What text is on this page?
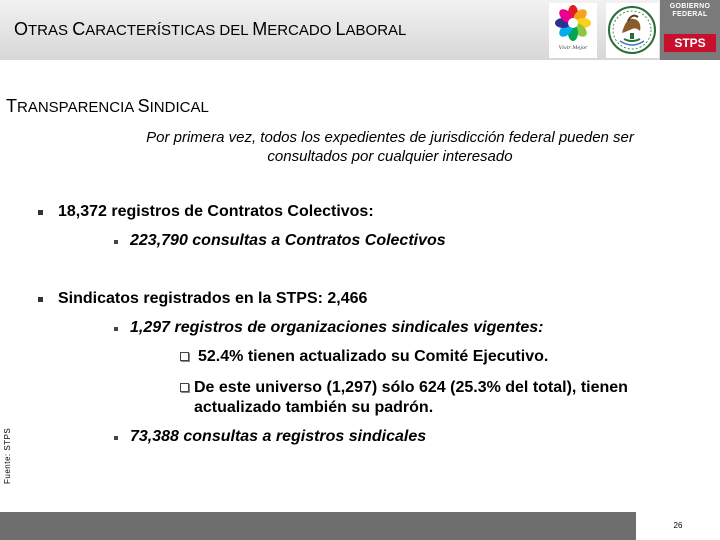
OTRAS CARACTERÍSTICAS DEL MERCADO LABORAL
Vivir Mejor
GOBIERNO
FEDERAL
STPS
TRANSPARENCIA SINDICAL
Por primera vez, todos los expedientes de jurisdicción federal pueden ser
consultados por cualquier interesado
18,372 registros de Contratos Colectivos:
223,790 consultas a Contratos Colectivos
Sindicatos registrados en la STPS: 2,466
1,297 registros de organizaciones sindicales vigentes:
52.4% tienen actualizado su Comité Ejecutivo.
De este universo (1,297) sólo 624 (25.3% del total), tienen
actualizado también su padrón.
73,388 consultas a registros sindicales
Fuente: STPS
26
